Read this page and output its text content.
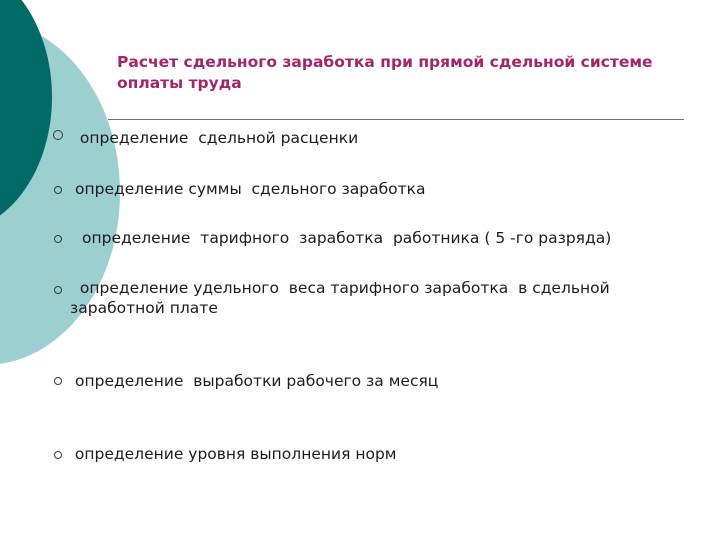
Расчет сдельного заработка при прямой сдельной системе оплаты труда
определение  сдельной расценки
определение суммы  сдельного заработка
определение  тарифного  заработка  работника ( 5 -го разряда)
определение удельного  веса тарифного заработка  в сдельной
заработной плате
определение  выработки рабочего за месяц
определение уровня выполнения норм
